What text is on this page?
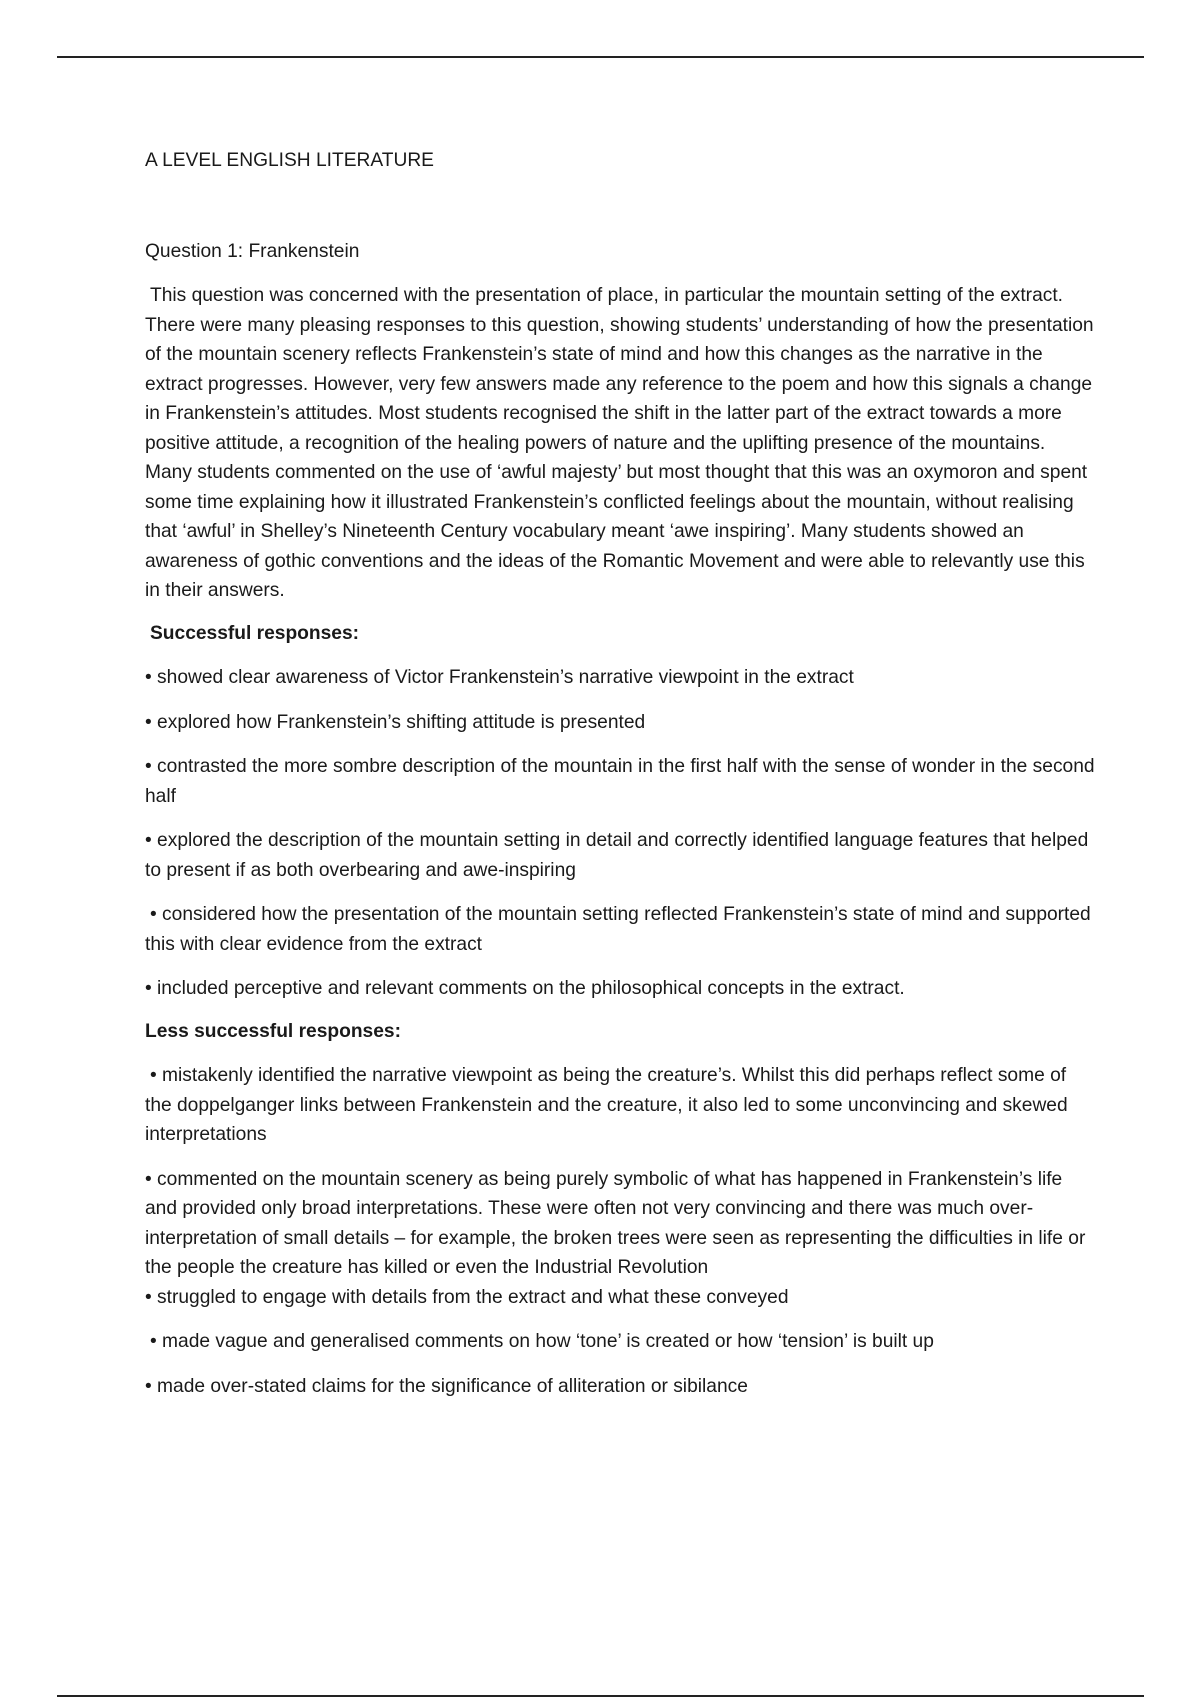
A LEVEL ENGLISH LITERATURE
Question 1: Frankenstein

This question was concerned with the presentation of place, in particular the mountain setting of the extract. There were many pleasing responses to this question, showing students’ understanding of how the presentation of the mountain scenery reflects Frankenstein’s state of mind and how this changes as the narrative in the extract progresses. However, very few answers made any reference to the poem and how this signals a change in Frankenstein’s attitudes. Most students recognised the shift in the latter part of the extract towards a more positive attitude, a recognition of the healing powers of nature and the uplifting presence of the mountains. Many students commented on the use of ‘awful majesty’ but most thought that this was an oxymoron and spent some time explaining how it illustrated Frankenstein’s conflicted feelings about the mountain, without realising that ‘awful’ in Shelley’s Nineteenth Century vocabulary meant ‘awe inspiring’. Many students showed an awareness of gothic conventions and the ideas of the Romantic Movement and were able to relevantly use this in their answers.

Successful responses:

• showed clear awareness of Victor Frankenstein’s narrative viewpoint in the extract

• explored how Frankenstein’s shifting attitude is presented

• contrasted the more sombre description of the mountain in the first half with the sense of wonder in the second half

• explored the description of the mountain setting in detail and correctly identified language features that helped to present if as both overbearing and awe-inspiring

• considered how the presentation of the mountain setting reflected Frankenstein’s state of mind and supported this with clear evidence from the extract

• included perceptive and relevant comments on the philosophical concepts in the extract.

Less successful responses:

• mistakenly identified the narrative viewpoint as being the creature’s. Whilst this did perhaps reflect some of the doppelganger links between Frankenstein and the creature, it also led to some unconvincing and skewed interpretations

• commented on the mountain scenery as being purely symbolic of what has happened in Frankenstein’s life and provided only broad interpretations. These were often not very convincing and there was much over-interpretation of small details – for example, the broken trees were seen as representing the difficulties in life or the people the creature has killed or even the Industrial Revolution

• struggled to engage with details from the extract and what these conveyed

• made vague and generalised comments on how ‘tone’ is created or how ‘tension’ is built up

• made over-stated claims for the significance of alliteration or sibilance
